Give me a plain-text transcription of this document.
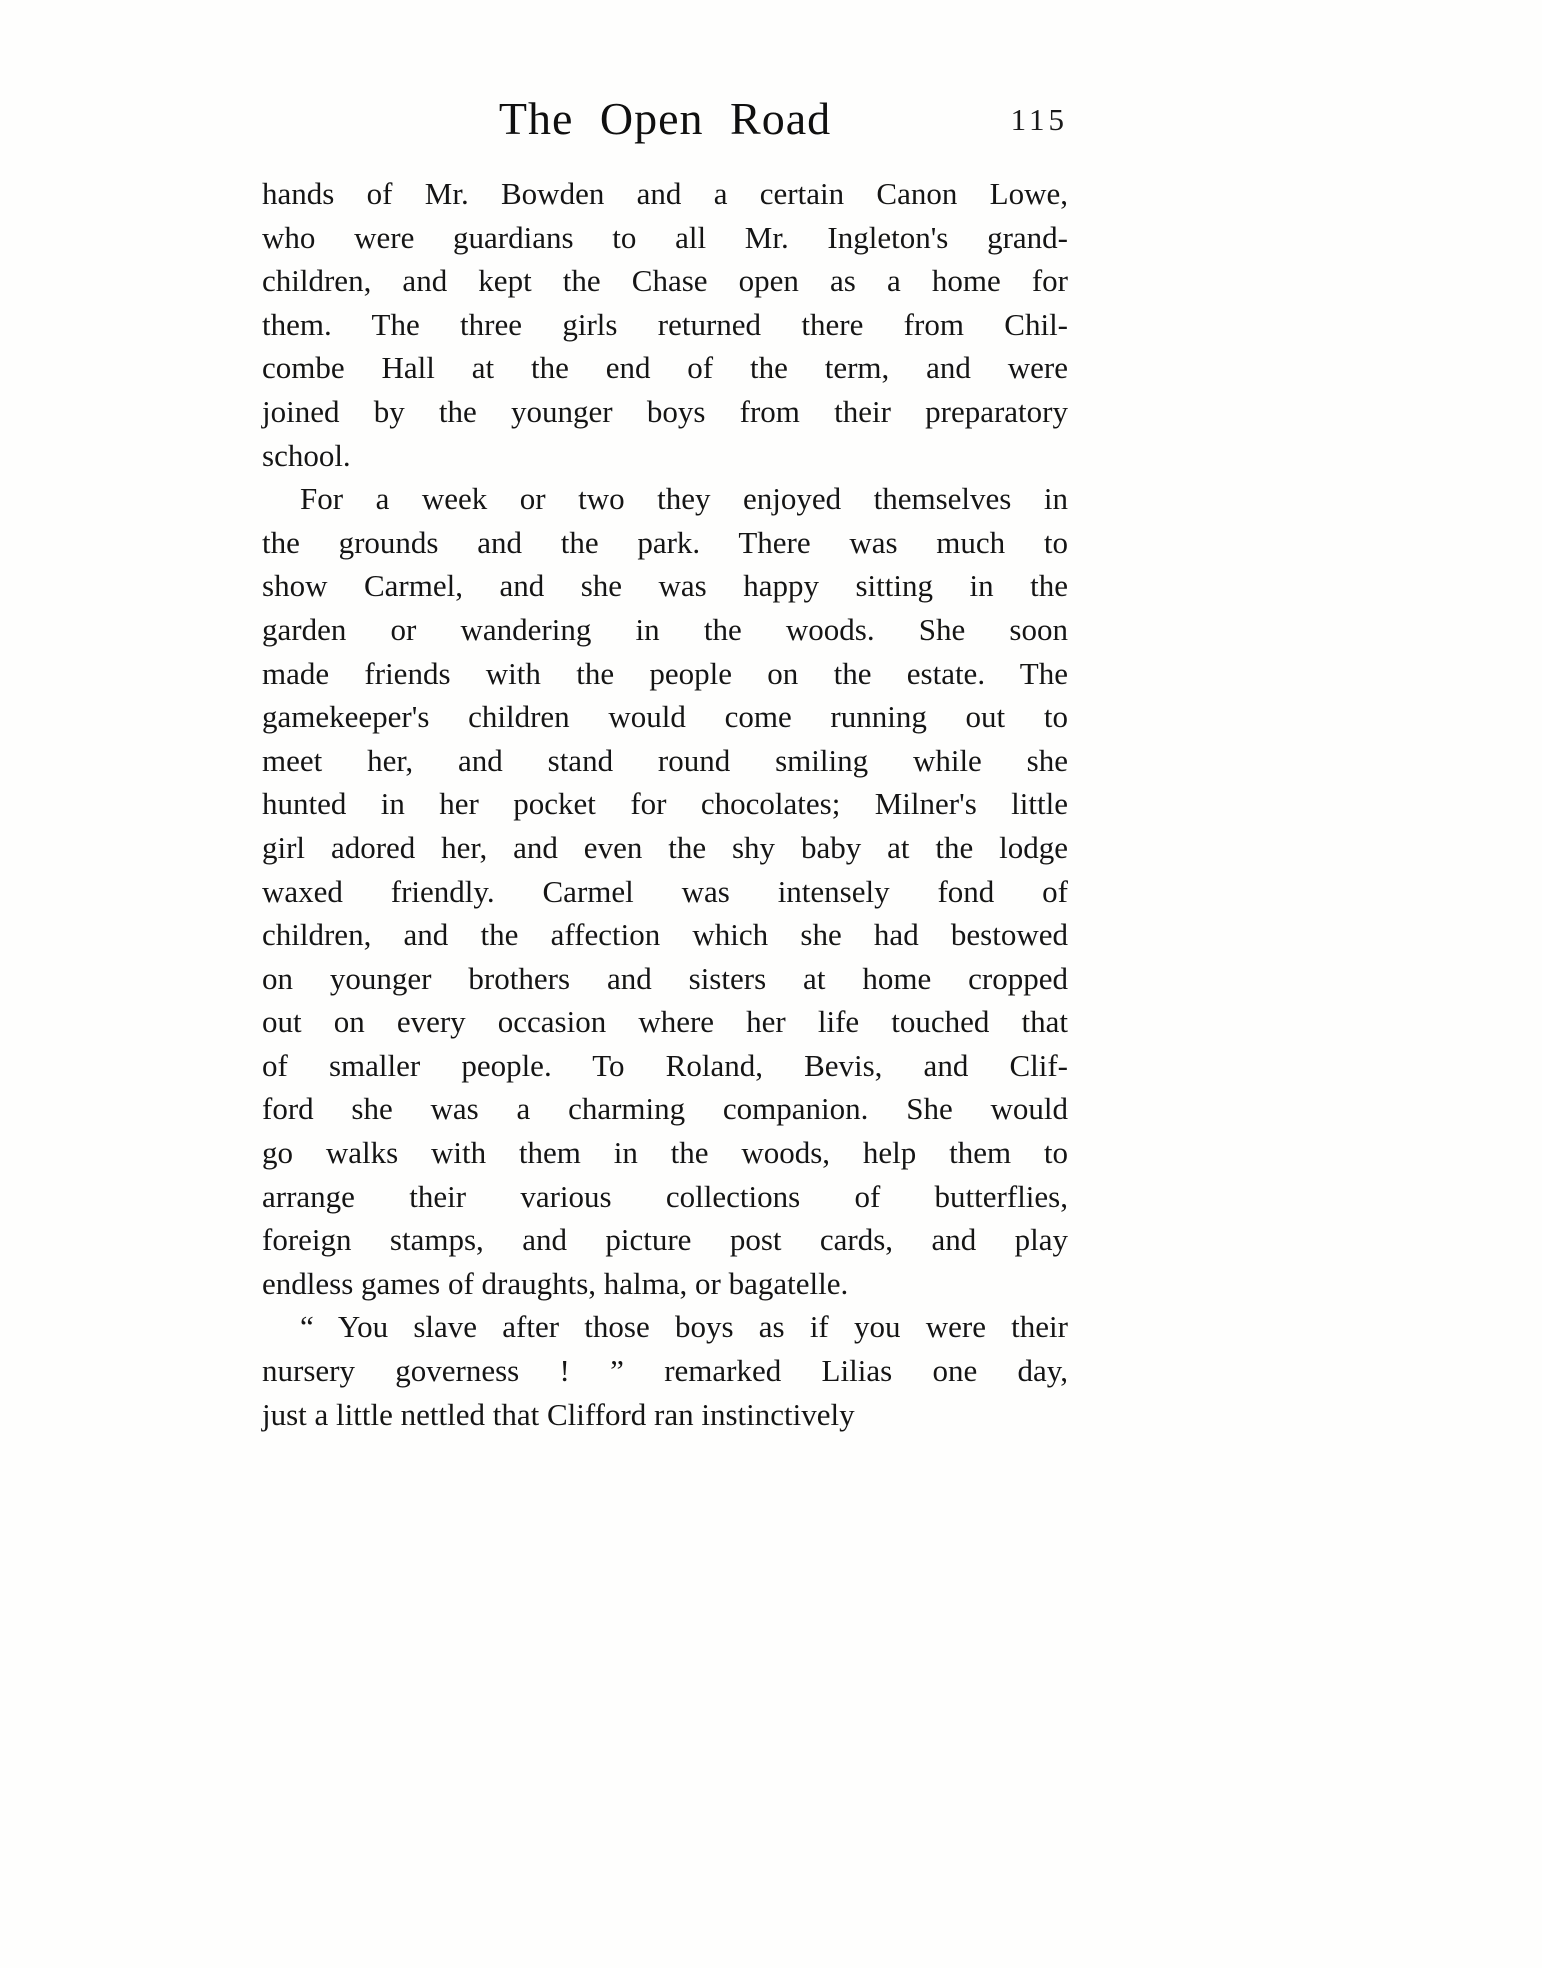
The Open Road	115

hands of Mr. Bowden and a certain Canon Lowe,
who were guardians to all Mr. Ingleton's grand-
children, and kept the Chase open as a home for
them. The three girls returned there from Chil-
combe Hall at the end of the term, and were
joined by the younger boys from their preparatory
school.

For a week or two they enjoyed themselves in
the grounds and the park. There was much to
show Carmel, and she was happy sitting in the
garden or wandering in the woods. She soon
made friends with the people on the estate. The
gamekeeper's children would come running out to
meet her, and stand round smiling while she
hunted in her pocket for chocolates; Milner's little
girl adored her, and even the shy baby at the lodge
waxed friendly. Carmel was intensely fond of
children, and the affection which she had bestowed
on younger brothers and sisters at home cropped
out on every occasion where her life touched that
of smaller people. To Roland, Bevis, and Clif-
ford she was a charming companion. She would
go walks with them in the woods, help them to
arrange their various collections of butterflies,
foreign stamps, and picture post cards, and play
endless games of draughts, halma, or bagatelle.

“ You slave after those boys as if you were their
nursery governess ! ” remarked Lilias one day,
just a little nettled that Clifford ran instinctively
